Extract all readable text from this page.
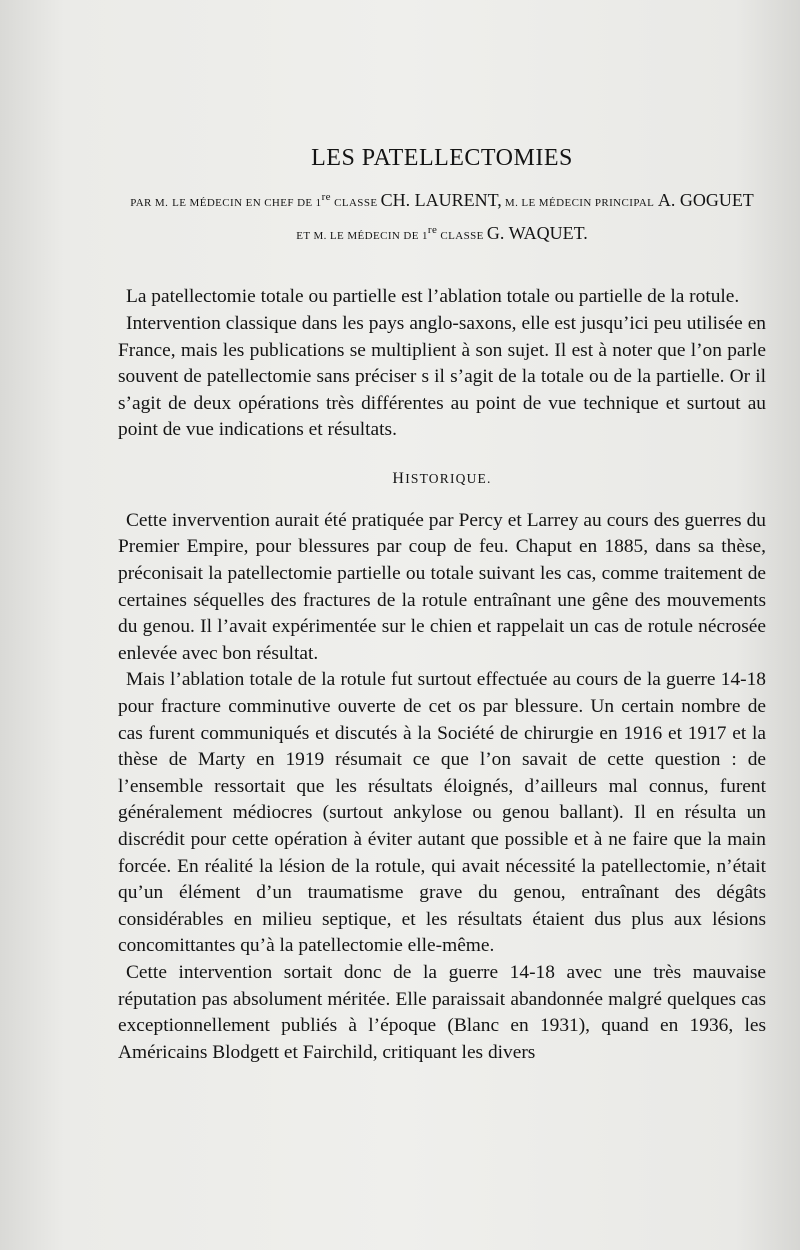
LES PATELLECTOMIES

PAR M. LE MÉDECIN EN CHEF DE 1re CLASSE CH. LAURENT, M. LE MÉDECIN PRINCIPAL A. GOGUET

ET M. LE MÉDECIN DE 1re CLASSE G. WAQUET.

La patellectomie totale ou partielle est l’ablation totale ou partielle de la rotule.

Intervention classique dans les pays anglo-saxons, elle est jusqu’ici peu utilisée en France, mais les publications se multiplient à son sujet. Il est à noter que l’on parle souvent de patellectomie sans préciser s il s’agit de la totale ou de la partielle. Or il s’agit de deux opérations très différentes au point de vue technique et surtout au point de vue indications et résultats.

HISTORIQUE.

Cette invervention aurait été pratiquée par Percy et Larrey au cours des guerres du Premier Empire, pour blessures par coup de feu. Chaput en 1885, dans sa thèse, préconisait la patellectomie partielle ou totale suivant les cas, comme traitement de certaines séquelles des fractures de la rotule entraînant une gêne des mouvements du genou. Il l’avait expérimentée sur le chien et rappelait un cas de rotule nécrosée enlevée avec bon résultat.

Mais l’ablation totale de la rotule fut surtout effectuée au cours de la guerre 14-18 pour fracture comminutive ouverte de cet os par blessure. Un certain nombre de cas furent communiqués et discutés à la Société de chirurgie en 1916 et 1917 et la thèse de Marty en 1919 résumait ce que l’on savait de cette question : de l’ensemble ressortait que les résultats éloignés, d’ailleurs mal connus, furent généralement médiocres (surtout ankylose ou genou ballant). Il en résulta un discrédit pour cette opération à éviter autant que possible et à ne faire que la main forcée. En réalité la lésion de la rotule, qui avait nécessité la patellectomie, n’était qu’un élément d’un traumatisme grave du genou, entraînant des dégâts considérables en milieu septique, et les résultats étaient dus plus aux lésions concomittantes qu’à la patellectomie elle-même.

Cette intervention sortait donc de la guerre 14-18 avec une très mauvaise réputation pas absolument méritée. Elle paraissait abandonnée malgré quelques cas exceptionnellement publiés à l’époque (Blanc en 1931), quand en 1936, les Américains Blodgett et Fairchild, critiquant les divers
